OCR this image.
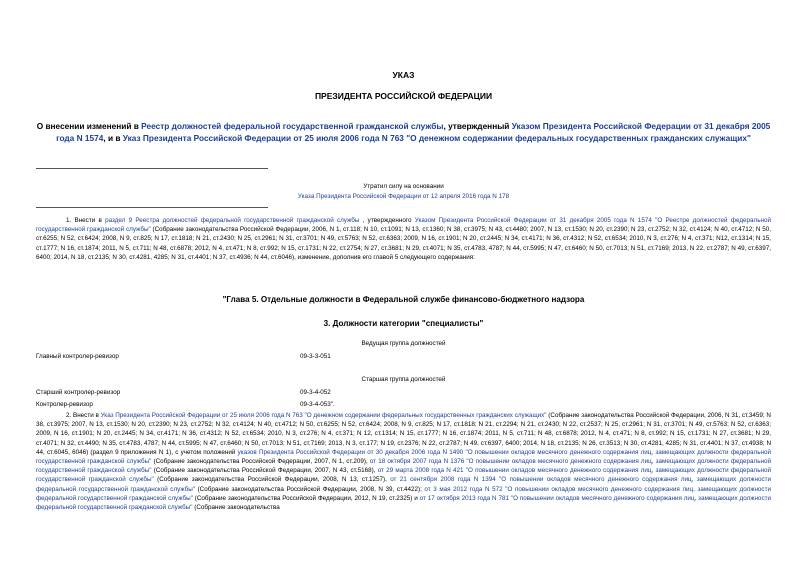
УКАЗ
ПРЕЗИДЕНТА РОССИЙСКОЙ ФЕДЕРАЦИИ
О внесении изменений в Реестр должностей федеральной государственной гражданской службы, утвержденный Указом Президента Российской Федерации от 31 декабря 2005 года N 1574, и в Указ Президента Российской Федерации от 25 июля 2006 года N 763 "О денежном содержании федеральных государственных гражданских служащих"
Утратил силу на основании
Указа Президента Российской Федерации от 12 апреля 2016 года N 178
1. Внести в раздел 9 Реестра должностей федеральной государственной гражданской службы , утвержденного Указом Президента Российской Федерации от 31 декабря 2005 года N 1574 "О Реестре должностей федеральной государственной гражданской службы" (Собрание законодательства Российской Федерации, 2006, N 1, ст.118; N 10, ст.1091; N 13, ст.1360; N 38, ст.3975; N 43, ст.4480; 2007, N 13, ст.1530; N 20, ст.2390; N 23, ст.2752; N 32, ст.4124; N 40, ст.4712; N 50, ст.6255; N 52, ст.6424; 2008, N 9, ст.825; N 17, ст.1818; N 21, ст.2430; N 25, ст.2961; N 31, ст.3701; N 49, ст.5763; N 52, ст.6363; 2009, N 16, ст.1901; N 20, ст.2445; N 34, ст.4171; N 36, ст.4312; N 52, ст.6534; 2010, N 3, ст.276; N 4, ст.371; N12, ст.1314; N 15, ст.1777; N 16, ст.1874; 2011, N 5, ст.711; N 48, ст.6878; 2012, N 4, ст.471; N 8, ст.992; N 15, ст.1731; N 22, ст.2754; N 27, ст.3681; N 29, ст.4071; N 35, ст.4783, 4787; N 44, ст.5995; N 47, ст.6460; N 50, ст.7013; N 51, ст.7169; 2013, N 22, ст.2787; N 49, ст.6397, 6400; 2014, N 18, ст.2135; N 30, ст.4281, 4285; N 31, ст.4401; N 37, ст.4936; N 44, ст.6046), изменение, дополнив его главой 5 следующего содержания:
"Глава 5. Отдельные должности в Федеральной службе финансово-бюджетного надзора
3. Должности категории "специалисты"
Ведущая группа должностей
Главный контролер-ревизор	09-3-3-051
Старшая группа должностей
Старший контролер-ревизор	09-3-4-052
Контролер-ревизор	09-3-4-053".
2. Внести в Указ Президента Российской Федерации от 25 июля 2006 года N 763 "О денежном содержании федеральных государственных гражданских служащих" (Собрание законодательства Российской Федерации, 2006, N 31, ст.3459; N 38, ст.3975; 2007, N 13, ст.1530; N 20, ст.2390; N 23, ст.2752; N 32, ст.4124; N 40, ст.4712; N 50, ст.6255; N 52, ст.6424; 2008, N 9, ст.825; N 17, ст.1818; N 21, ст.2294; N 21, ст.2430; N 22, ст.2537; N 25, ст.2961; N 31, ст.3701; N 49, ст.5763; N 52, ст.6363; 2009, N 16, ст.1901; N 20, ст.2445; N 34, ст.4171; N 36, ст.4312; N 52, ст.6534; 2010, N 3, ст.276; N 4, ст.371; N 12, ст.1314; N 15, ст.1777; N 16, ст.1874; 2011, N 5, ст.711; N 48, ст.6878; 2012, N 4, ст.471; N 8, ст.992; N 15, ст.1731; N 27, ст.3681; N 29, ст.4071; N 32, ст.4490; N 35, ст.4783, 4787; N 44, ст.5995; N 47, ст.6460; N 50, ст.7013; N 51, ст.7169; 2013, N 3, ст.177; N 19, ст.2376; N 22, ст.2787; N 49, ст.6397, 6400; 2014, N 18, ст.2135; N 26, ст.3513; N 30, ст.4281, 4285; N 31, ст.4401; N 37, ст.4938; N 44, ст.6045, 6046) (раздел 9 приложения N 1), с учетом положений указов Президента Российской Федерации от 30 декабря 2006 года N 1490 "О повышении окладов месячного денежного содержания лиц, замещающих должности федеральной государственной гражданской службы" (Собрание законодательства Российской Федерации, 2007, N 1, ст.209), от 18 октября 2007 года N 1376 "О повышении окладов месячного денежного содержания лиц, замещающих должности федеральной государственной гражданской службы" (Собрание законодательства Российской Федерации, 2007, N 43, ст.5168), от 29 марта 2008 года N 421 "О повышении окладов месячного денежного содержания лиц, замещающих должности федеральной государственной гражданской службы" (Собрание законодательства Российской Федерации, 2008, N 13, ст.1257), от 21 сентября 2008 года N 1394 "О повышении окладов месячного денежного содержания лиц, замещающих должности федеральной государственной гражданской службы" (Собрание законодательства Российской Федерации, 2008, N 39, ст.4422); от 3 мая 2012 года N 572 "О повышении окладов месячного денежного содержания лиц, замещающих должности федеральной государственной гражданской службы" (Собрание законодательства Российской Федерации, 2012, N 19, ст.2325) и от 17 октября 2013 года N 781 "О повышении окладов месячного денежного содержания лиц, замещающих должности федеральной государственной гражданской службы" (Собрание законодательства
